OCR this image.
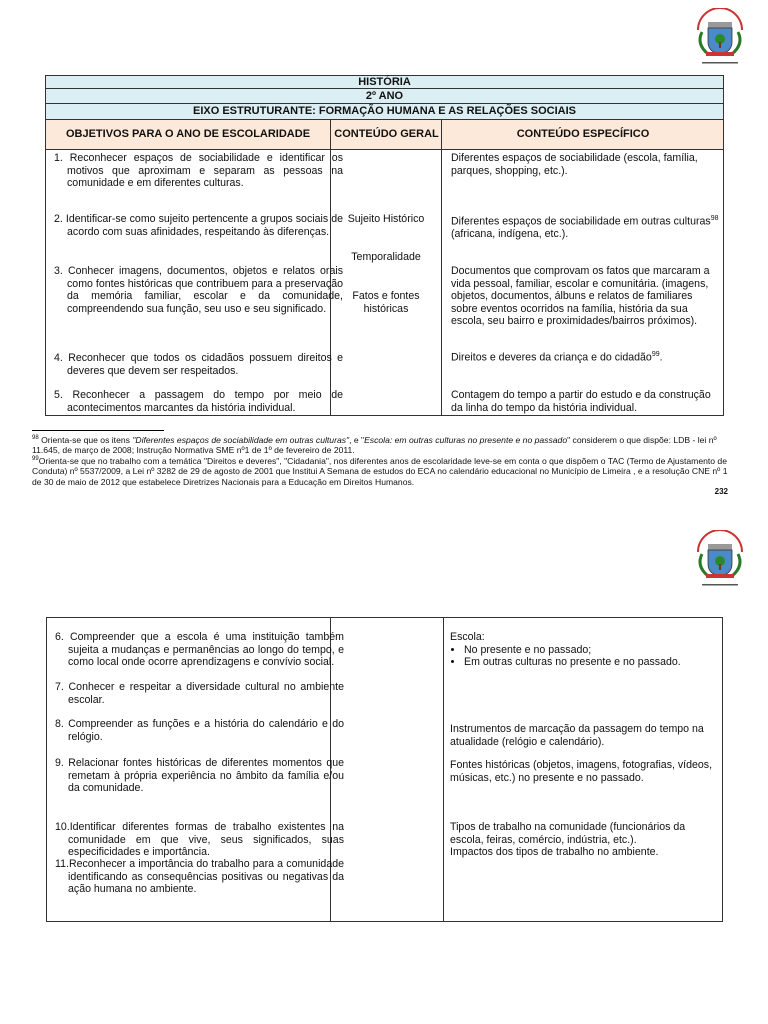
HISTÓRIA
2º ANO
EIXO ESTRUTURANTE: FORMAÇÃO HUMANA E AS RELAÇÕES SOCIAIS
OBJETIVOS PARA O ANO DE ESCOLARIDADE	CONTEÚDO GERAL	CONTEÚDO ESPECÍFICO
1. Reconhecer espaços de sociabilidade e identificar os motivos que aproximam e separam as pessoas na comunidade e em diferentes culturas.
2. Identificar-se como sujeito pertencente a grupos sociais de acordo com suas afinidades, respeitando às diferenças.
3. Conhecer imagens, documentos, objetos e relatos orais como fontes históricas que contribuem para a preservação da memória familiar, escolar e da comunidade, compreendendo sua função, seu uso e seu significado.
4. Reconhecer que todos os cidadãos possuem direitos e deveres que devem ser respeitados.
5. Reconhecer a passagem do tempo por meio de acontecimentos marcantes da história individual.
Sujeito Histórico
Temporalidade
Fatos e fontes históricas
Diferentes espaços de sociabilidade (escola, família, parques, shopping, etc.).
Diferentes espaços de sociabilidade em outras culturas$^{98}$ (africana, indígena, etc.).
Documentos que comprovam os fatos que marcaram a vida pessoal, familiar, escolar e comunitária. (imagens, objetos, documentos, álbuns e relatos de familiares sobre eventos ocorridos na família, história da sua escola, seu bairro e proximidades/bairros próximos).
Direitos e deveres da criança e do cidadão$^{99}$.
Contagem do tempo a partir do estudo e da construção da linha do tempo da história individual.
$^{98}$ Orienta-se que os itens "Diferentes espaços de sociabilidade em outras culturas", e "Escola: em outras culturas no presente e no passado" considerem o que dispõe: LDB - lei nº 11.645, de março de 2008; Instrução Normativa SME nº1 de 1º de fevereiro de 2011.
$^{99}$Orienta-se que no trabalho com a temática "Direitos e deveres", "Cidadania", nos diferentes anos de escolaridade leve-se em conta o que dispõem o TAC (Termo de Ajustamento de Conduta) nº 5537/2009, a Lei nº 3282 de 29 de agosto de 2001 que Institui A Semana de estudos do ECA no calendário educacional no Município de Limeira , e a resolução CNE nº 1 de 30 de maio de 2012 que estabelece Diretrizes Nacionais para a Educação em Direitos Humanos.
232
6. Compreender que a escola é uma instituição também sujeita a mudanças e permanências ao longo do tempo, e como local onde ocorre aprendizagens e convívio social.
7. Conhecer e respeitar a diversidade cultural no ambiente escolar.
8. Compreender as funções e a história do calendário e do relógio.
9. Relacionar fontes históricas de diferentes momentos que remetam à própria experiência no âmbito da família e/ou da comunidade.
10.Identificar diferentes formas de trabalho existentes na comunidade em que vive, seus significados, suas especificidades e importância.
11.Reconhecer a importância do trabalho para a comunidade identificando as consequências positivas ou negativas da ação humana no ambiente.
Escola:
• No presente e no passado;
• Em outras culturas no presente e no passado.
Instrumentos de marcação da passagem do tempo na atualidade (relógio e calendário).
Fontes históricas (objetos, imagens, fotografias, vídeos, músicas, etc.) no presente e no passado.
Tipos de trabalho na comunidade (funcionários da escola, feiras, comércio, indústria, etc.).
Impactos dos tipos de trabalho no ambiente.
